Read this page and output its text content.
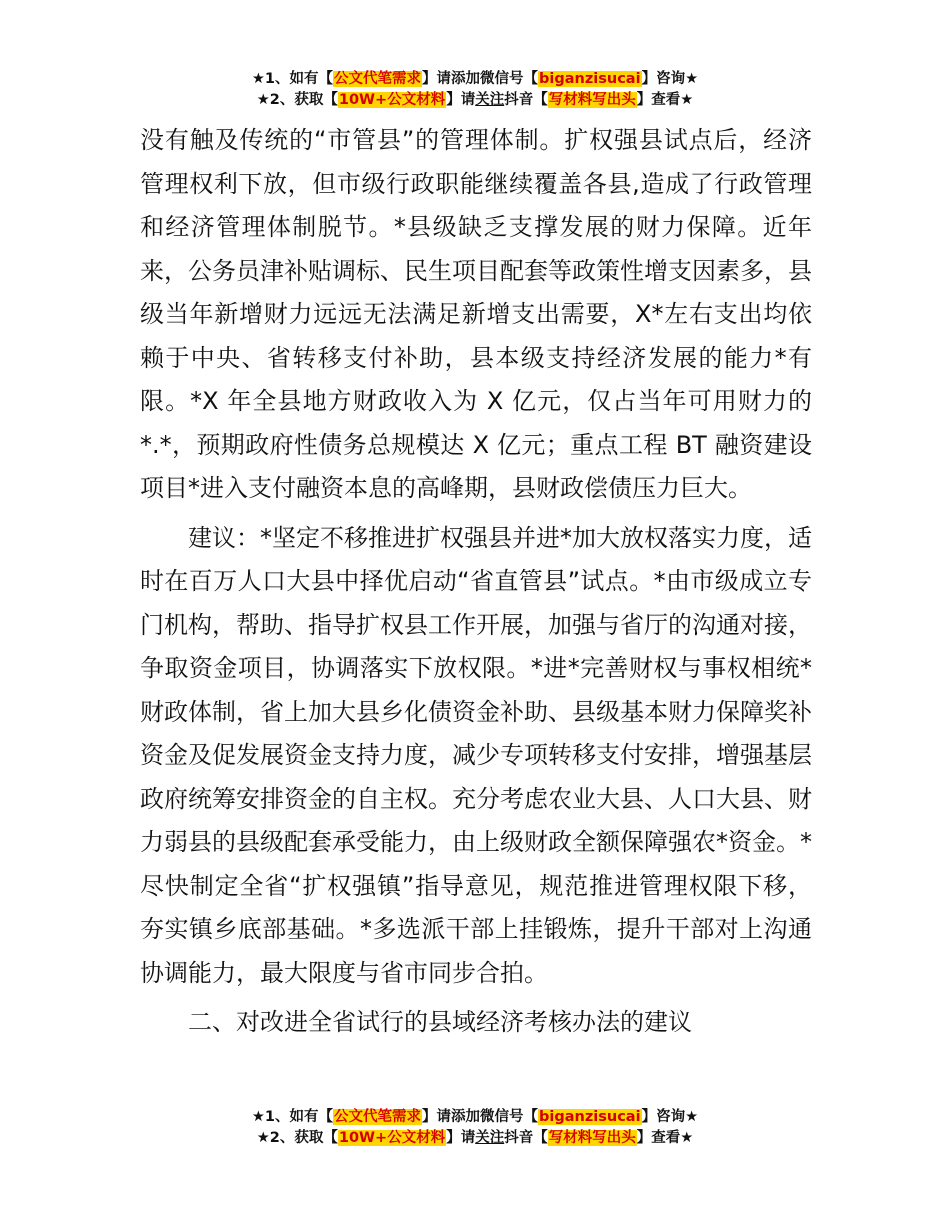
★1、如有【公文代笔需求】请添加微信号【biganzisucai】咨询★
★2、获取【10W+公文材料】请关注抖音【写材料写出头】查看★

没有触及传统的“市管县”的管理体制。扩权强县试点后，经济管理权利下放，但市级行政职能继续覆盖各县,造成了行政管理和经济管理体制脱节。*县级缺乏支撑发展的财力保障。近年来，公务员津补贴调标、民生项目配套等政策性增支因素多，县级当年新增财力远远无法满足新增支出需要，X*左右支出均依赖于中央、省转移支付补助，县本级支持经济发展的能力*有限。*X 年全县地方财政收入为 X 亿元，仅占当年可用财力的*.*，预期政府性债务总规模达 X 亿元；重点工程 BT 融资建设项目*进入支付融资本息的高峰期，县财政偿债压力巨大。

建议：*坚定不移推进扩权强县并进*加大放权落实力度，适时在百万人口大县中择优启动“省直管县”试点。*由市级成立专门机构，帮助、指导扩权县工作开展，加强与省厅的沟通对接，争取资金项目，协调落实下放权限。*进*完善财权与事权相统*财政体制，省上加大县乡化债资金补助、县级基本财力保障奖补资金及促发展资金支持力度，减少专项转移支付安排，增强基层政府统筹安排资金的自主权。充分考虑农业大县、人口大县、财力弱县的县级配套承受能力，由上级财政全额保障强农*资金。*尽快制定全省“扩权强镇”指导意见，规范推进管理权限下移，夯实镇乡底部基础。*多选派干部上挂锻炼，提升干部对上沟通协调能力，最大限度与省市同步合拍。

二、对改进全省试行的县域经济考核办法的建议

★1、如有【公文代笔需求】请添加微信号【biganzisucai】咨询★
★2、获取【10W+公文材料】请关注抖音【写材料写出头】查看★
